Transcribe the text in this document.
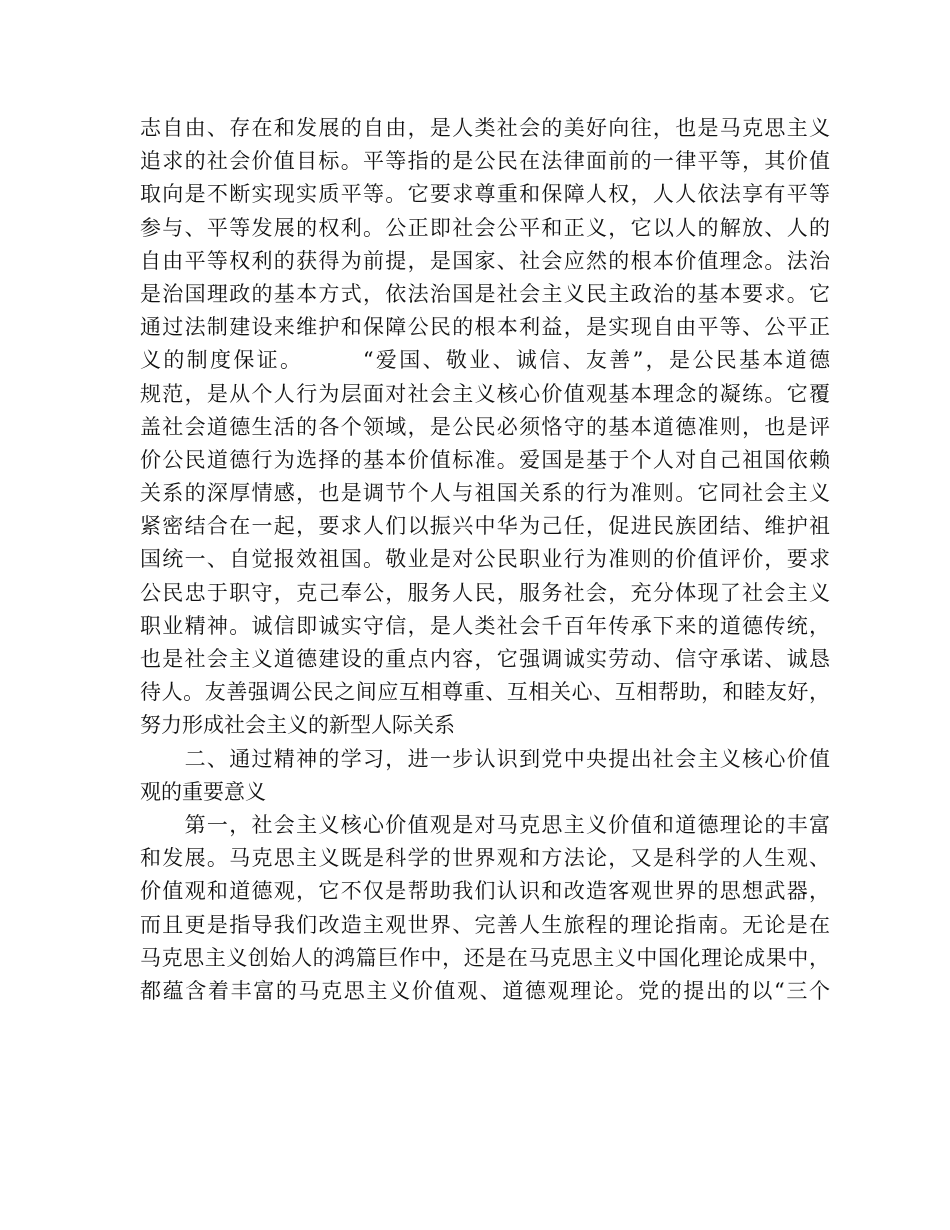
志自由、存在和发展的自由，是人类社会的美好向往，也是马克思主义
追求的社会价值目标。平等指的是公民在法律面前的一律平等，其价值
取向是不断实现实质平等。它要求尊重和保障人权，人人依法享有平等
参与、平等发展的权利。公正即社会公平和正义，它以人的解放、人的
自由平等权利的获得为前提，是国家、社会应然的根本价值理念。法治
是治国理政的基本方式，依法治国是社会主义民主政治的基本要求。它
通过法制建设来维护和保障公民的根本利益，是实现自由平等、公平正
义的制度保证。　　　“爱国、敬业、诚信、友善”，是公民基本道德
规范，是从个人行为层面对社会主义核心价值观基本理念的凝练。它覆
盖社会道德生活的各个领域，是公民必须恪守的基本道德准则，也是评
价公民道德行为选择的基本价值标准。爱国是基于个人对自己祖国依赖
关系的深厚情感，也是调节个人与祖国关系的行为准则。它同社会主义
紧密结合在一起，要求人们以振兴中华为己任，促进民族团结、维护祖
国统一、自觉报效祖国。敬业是对公民职业行为准则的价值评价，要求
公民忠于职守，克己奉公，服务人民，服务社会，充分体现了社会主义
职业精神。诚信即诚实守信，是人类社会千百年传承下来的道德传统，
也是社会主义道德建设的重点内容，它强调诚实劳动、信守承诺、诚恳
待人。友善强调公民之间应互相尊重、互相关心、互相帮助，和睦友好，
努力形成社会主义的新型人际关系
　　二、通过精神的学习，进一步认识到党中央提出社会主义核心价值
观的重要意义
　　第一，社会主义核心价值观是对马克思主义价值和道德理论的丰富
和发展。马克思主义既是科学的世界观和方法论，又是科学的人生观、
价值观和道德观，它不仅是帮助我们认识和改造客观世界的思想武器，
而且更是指导我们改造主观世界、完善人生旅程的理论指南。无论是在
马克思主义创始人的鸿篇巨作中，还是在马克思主义中国化理论成果中，
都蕴含着丰富的马克思主义价值观、道德观理论。党的提出的以“三个
